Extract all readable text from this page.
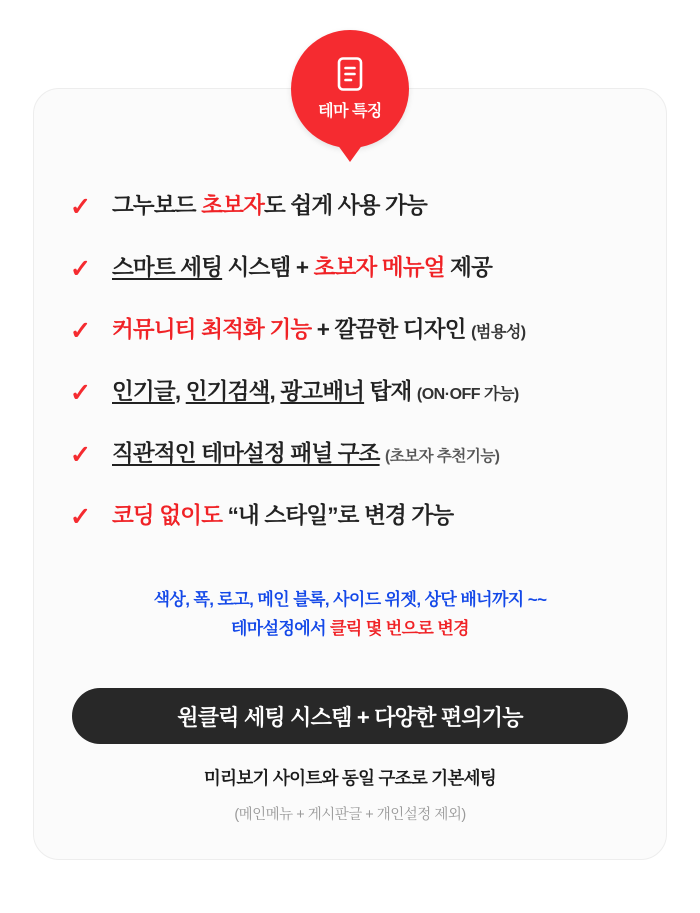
테마 특징
✓ 그누보드 초보자도 쉽게 사용 가능
✓ 스마트 세팅 시스템 + 초보자 메뉴얼 제공
✓ 커뮤니티 최적화 기능 + 깔끔한 디자인 (범용성)
✓ 인기글, 인기검색, 광고배너 탑재 (ON·OFF 가능)
✓ 직관적인 테마설정 패널 구조 (초보자 추천기능)
✓ 코딩 없이도 “내 스타일”로 변경 가능
색상, 폭, 로고, 메인 블록, 사이드 위젯, 상단 배너까지 ~~
테마설정에서 클릭 몇 번으로 변경
원클릭 세팅 시스템 + 다양한 편의기능
미리보기 사이트와 동일 구조로 기본세팅
(메인메뉴 + 게시판글 + 개인설정 제외)
